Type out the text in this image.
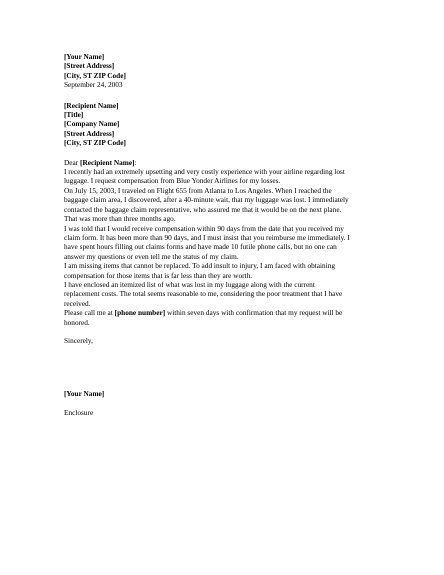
[Your Name]
[Street Address]
[City, ST ZIP Code]
September 24, 2003
[Recipient Name]
[Title]
[Company Name]
[Street Address]
[City, ST ZIP Code]
Dear [Recipient Name]:
I recently had an extremely upsetting and very costly experience with your airline regarding lost
luggage. I request compensation from Blue Yonder Airlines for my losses.
On July 15, 2003, I traveled on Flight 655 from Atlanta to Los Angeles. When I reached the
baggage claim area, I discovered, after a 40-minute wait, that my luggage was lost. I immediately
contacted the baggage claim representative, who assured me that it would be on the next plane.
That was more than three months ago.
I was told that I would receive compensation within 90 days from the date that you received my
claim form. It has been more than 90 days, and I must insist that you reimburse me immediately. I
have spent hours filling out claims forms and have made 10 futile phone calls, but no one can
answer my questions or even tell me the status of my claim.
I am missing items that cannot be replaced. To add insult to injury, I am faced with obtaining
compensation for those items that is far less than they are worth.
I have enclosed an itemized list of what was lost in my luggage along with the current
replacement costs. The total seems reasonable to me, considering the poor treatment that I have
received.
Please call me at [phone number] within seven days with confirmation that my request will be
honored.
Sincerely,
[Your Name]
Enclosure
